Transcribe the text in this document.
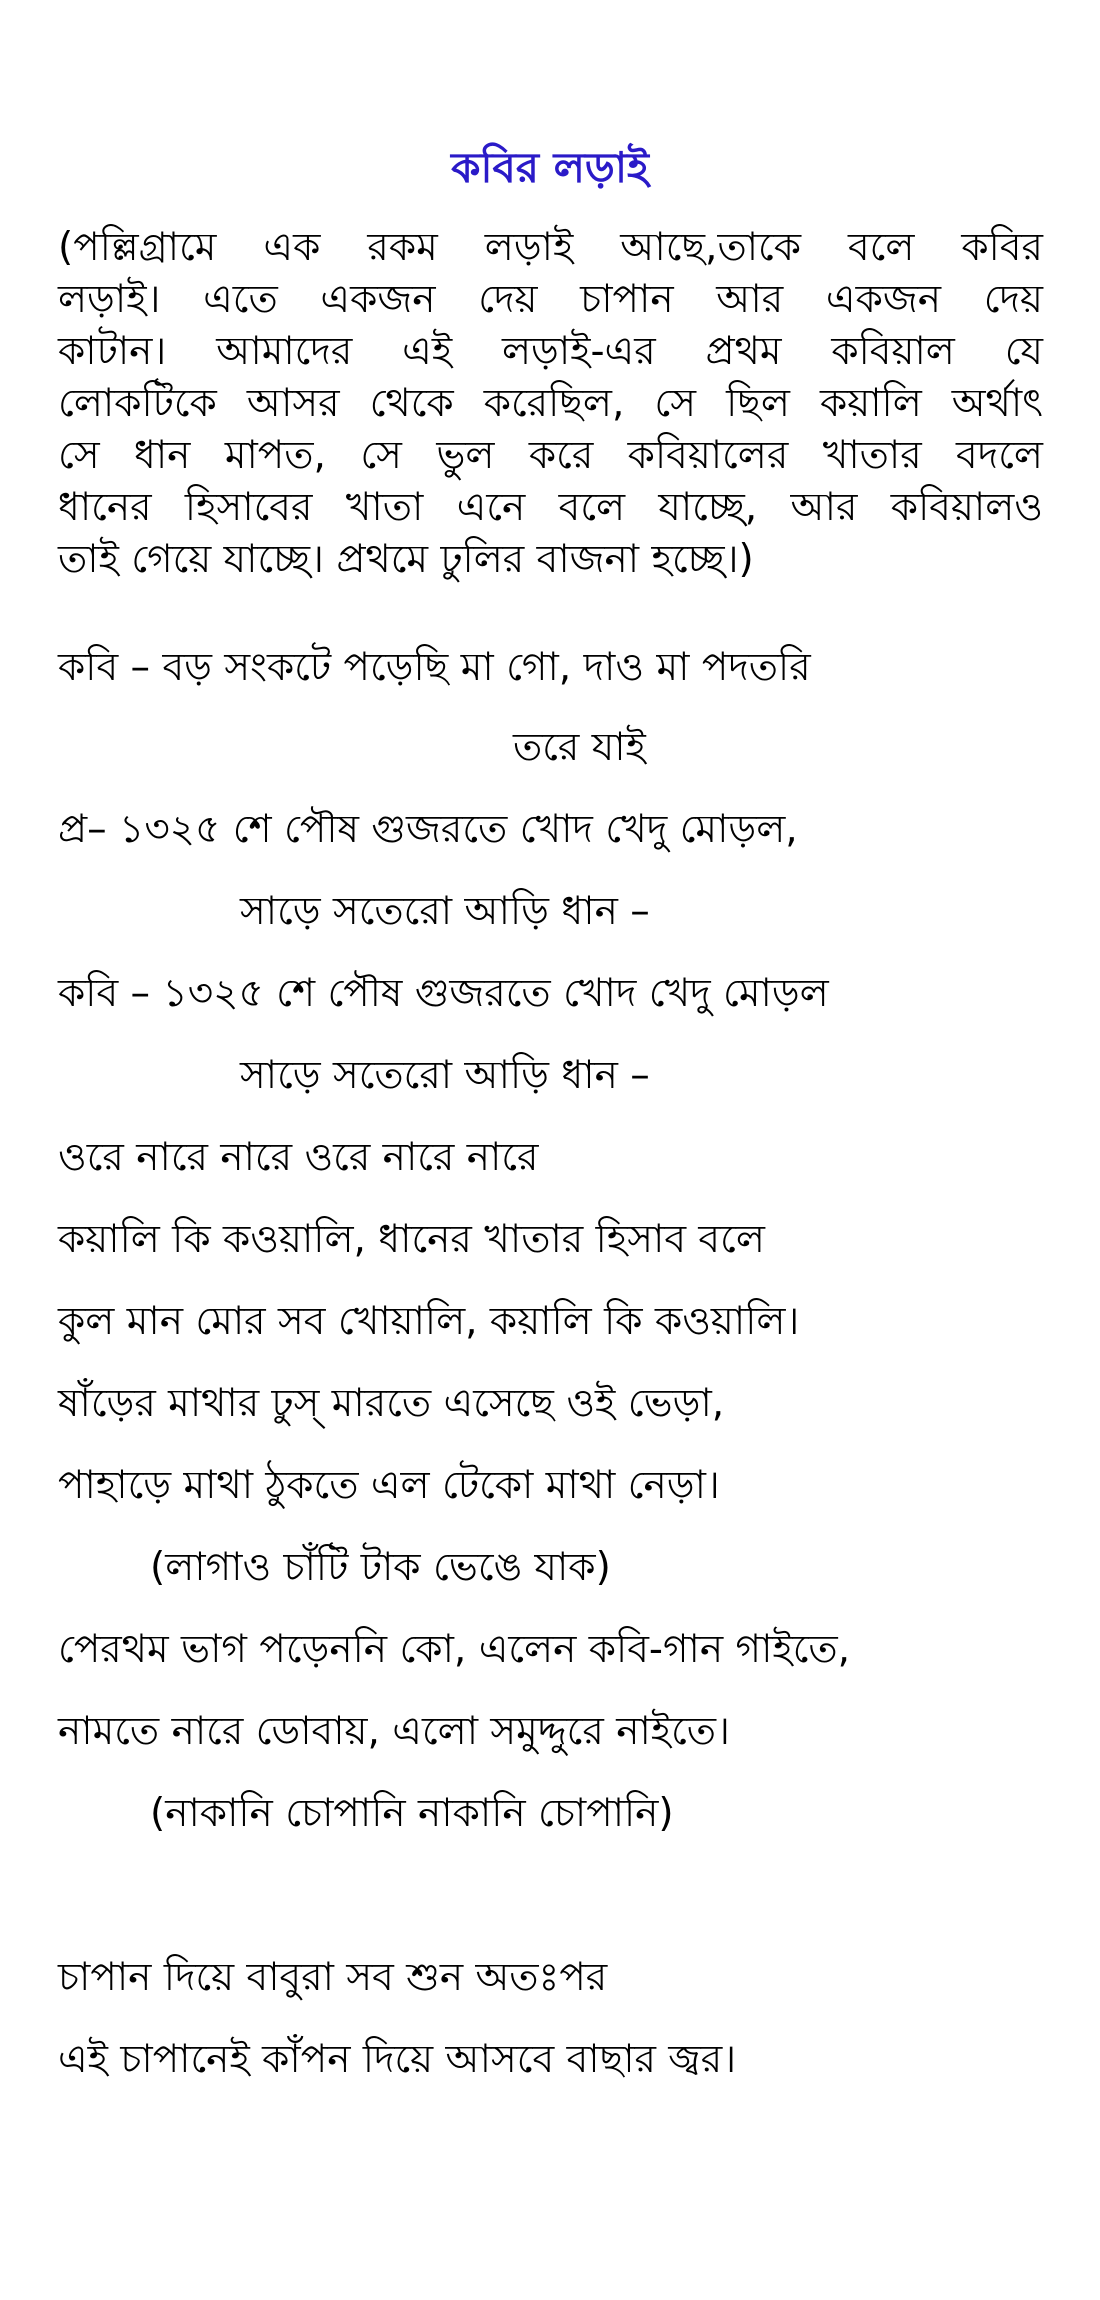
কবির লড়াই
(পল্লিগ্রামে এক রকম লড়াই আছে,তাকে বলে কবির
লড়াই। এতে একজন দেয় চাপান আর একজন দেয়
কাটান। আমাদের এই লড়াই-এর প্রথম কবিয়াল যে
লোকটিকে আসর থেকে করেছিল, সে ছিল কয়ালি অর্থাৎ
সে ধান মাপত, সে ভুল করে কবিয়ালের খাতার বদলে
ধানের হিসাবের খাতা এনে বলে যাচ্ছে, আর কবিয়ালও
তাই গেয়ে যাচ্ছে। প্রথমে ঢুলির বাজনা হচ্ছে।)
কবি – বড় সংকটে পড়েছি মা গো, দাও মা পদতরি
তরে যাই
প্র– ১৩২৫ শে পৌষ গুজরতে খোদ খেদু মোড়ল,
সাড়ে সতেরো আড়ি ধান –
কবি – ১৩২৫ শে পৌষ গুজরতে খোদ খেদু মোড়ল
সাড়ে সতেরো আড়ি ধান –
ওরে নারে নারে ওরে নারে নারে
কয়ালি কি কওয়ালি, ধানের খাতার হিসাব বলে
কুল মান মোর সব খোয়ালি, কয়ালি কি কওয়ালি।
ষাঁড়ের মাথার ঢুস্ মারতে এসেছে ওই ভেড়া,
পাহাড়ে মাথা ঠুকতে এল টেকো মাথা নেড়া।
(লাগাও চাঁটি টাক ভেঙে যাক)
পেরথম ভাগ পড়েননি কো, এলেন কবি-গান গাইতে,
নামতে নারে ডোবায়, এলো সমুদ্দুরে নাইতে।
(নাকানি চোপানি নাকানি চোপানি)
চাপান দিয়ে বাবুরা সব শুন অতঃপর
এই চাপানেই কাঁপন দিয়ে আসবে বাছার জ্বর।
